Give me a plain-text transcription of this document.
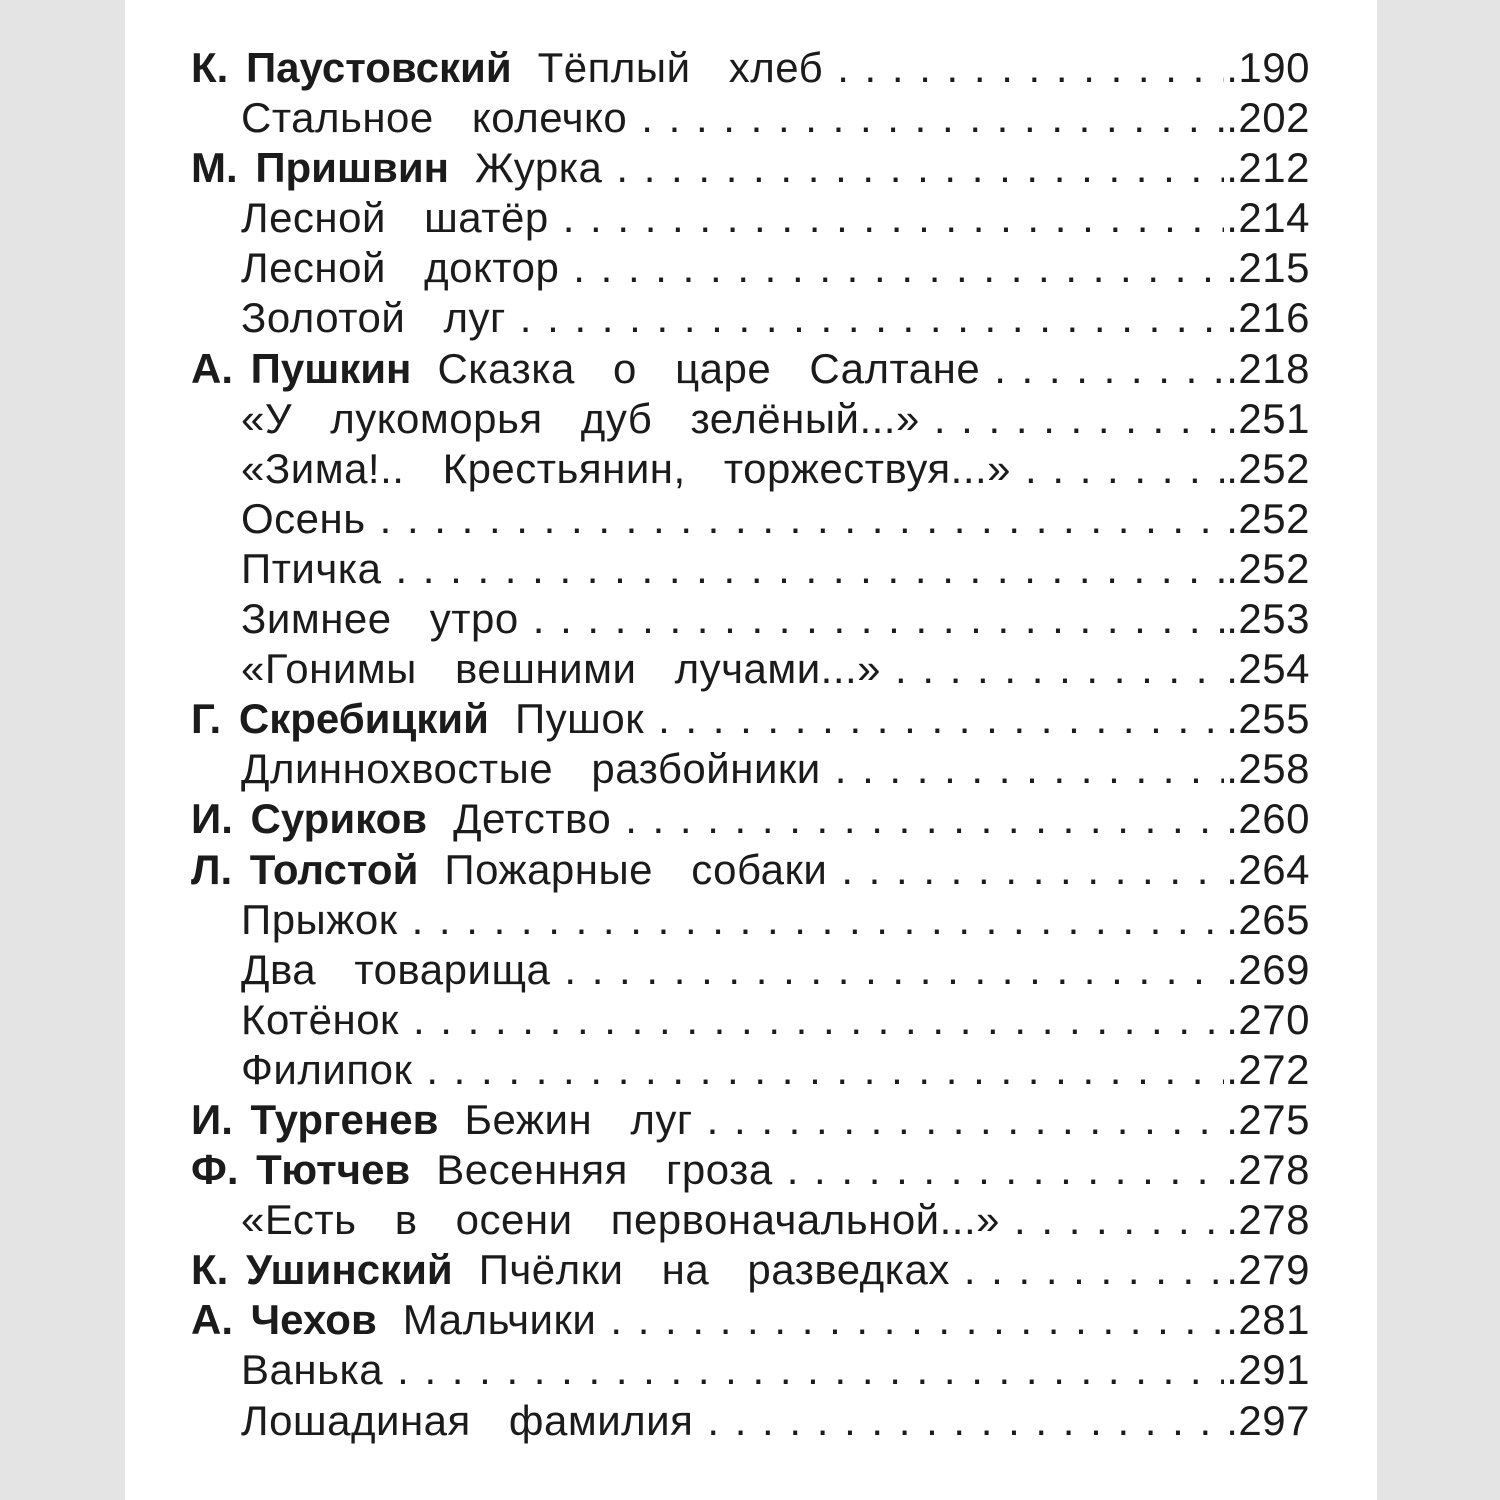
К. Паустовский Тёплый хлеб . . .	.190
Стальное колечко . . .	.202
М. Пришвин Журка . . .	.212
Лесной шатёр . . .	.214
Лесной доктор . . .	.215
Золотой луг . . .	.216
А. Пушкин Сказка о царе Салтане . . .	.218
«У лукоморья дуб зелёный...» . . .	.251
«Зима!.. Крестьянин, торжествуя...» . . .	.252
Осень . . .	.252
Птичка . . .	.252
Зимнее утро . . .	.253
«Гонимы вешними лучами...» . . .	.254
Г. Скребицкий Пушок . . .	.255
Длиннохвостые разбойники . . .	.258
И. Суриков Детство . . .	.260
Л. Толстой Пожарные собаки . . .	.264
Прыжок . . .	.265
Два товарища . . .	.269
Котёнок . . .	.270
Филипок . . .	.272
И. Тургенев Бежин луг . . .	.275
Ф. Тютчев Весенняя гроза . . .	.278
«Есть в осени первоначальной...» . . .	.278
К. Ушинский Пчёлки на разведках . . .	.279
А. Чехов Мальчики . . .	.281
Ванька . . .	.291
Лошадиная фамилия . . .	.297
